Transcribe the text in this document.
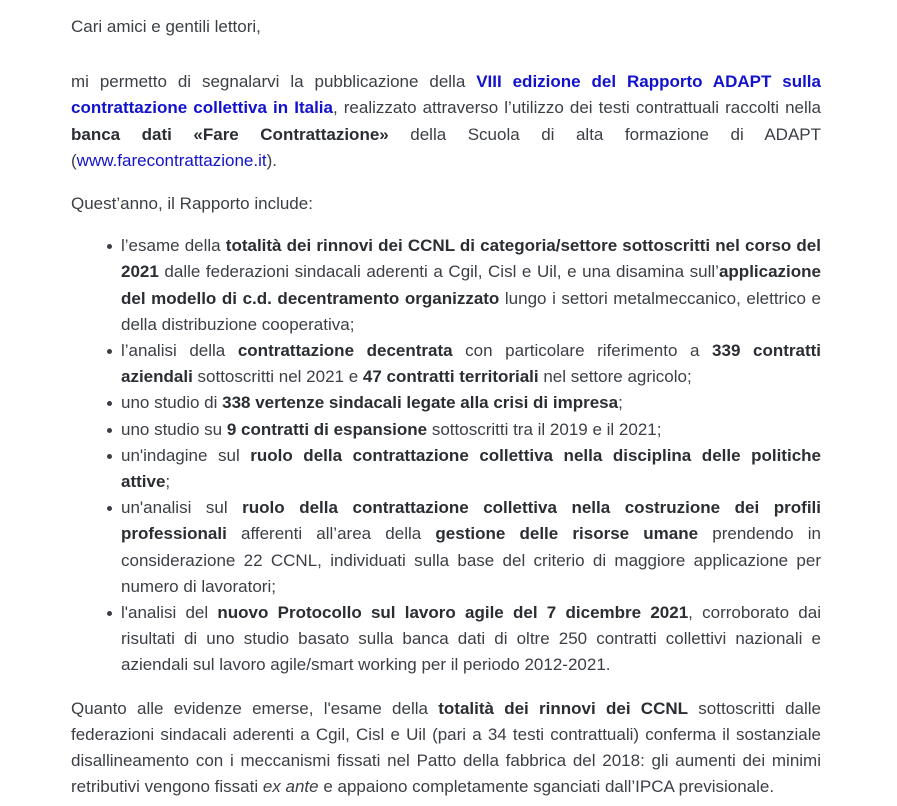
Cari amici e gentili lettori,

mi permetto di segnalarvi la pubblicazione della VIII edizione del Rapporto ADAPT sulla contrattazione collettiva in Italia, realizzato attraverso l’utilizzo dei testi contrattuali raccolti nella banca dati «Fare Contrattazione» della Scuola di alta formazione di ADAPT (www.farecontrattazione.it).

Quest’anno, il Rapporto include:

l’esame della totalità dei rinnovi dei CCNL di categoria/settore sottoscritti nel corso del 2021 dalle federazioni sindacali aderenti a Cgil, Cisl e Uil, e una disamina sull’applicazione del modello di c.d. decentramento organizzato lungo i settori metalmeccanico, elettrico e della distribuzione cooperativa;
l’analisi della contrattazione decentrata con particolare riferimento a 339 contratti aziendali sottoscritti nel 2021 e 47 contratti territoriali nel settore agricolo;
uno studio di 338 vertenze sindacali legate alla crisi di impresa;
uno studio su 9 contratti di espansione sottoscritti tra il 2019 e il 2021;
un'indagine sul ruolo della contrattazione collettiva nella disciplina delle politiche attive;
un'analisi sul ruolo della contrattazione collettiva nella costruzione dei profili professionali afferenti all’area della gestione delle risorse umane prendendo in considerazione 22 CCNL, individuati sulla base del criterio di maggiore applicazione per numero di lavoratori;
l'analisi del nuovo Protocollo sul lavoro agile del 7 dicembre 2021, corroborato dai risultati di uno studio basato sulla banca dati di oltre 250 contratti collettivi nazionali e aziendali sul lavoro agile/smart working per il periodo 2012-2021.

Quanto alle evidenze emerse, l'esame della totalità dei rinnovi dei CCNL sottoscritti dalle federazioni sindacali aderenti a Cgil, Cisl e Uil (pari a 34 testi contrattuali) conferma il sostanziale disallineamento con i meccanismi fissati nel Patto della fabbrica del 2018: gli aumenti dei minimi retributivi vengono fissati ex ante e appaiono completamente sganciati dall’IPCA previsionale.
